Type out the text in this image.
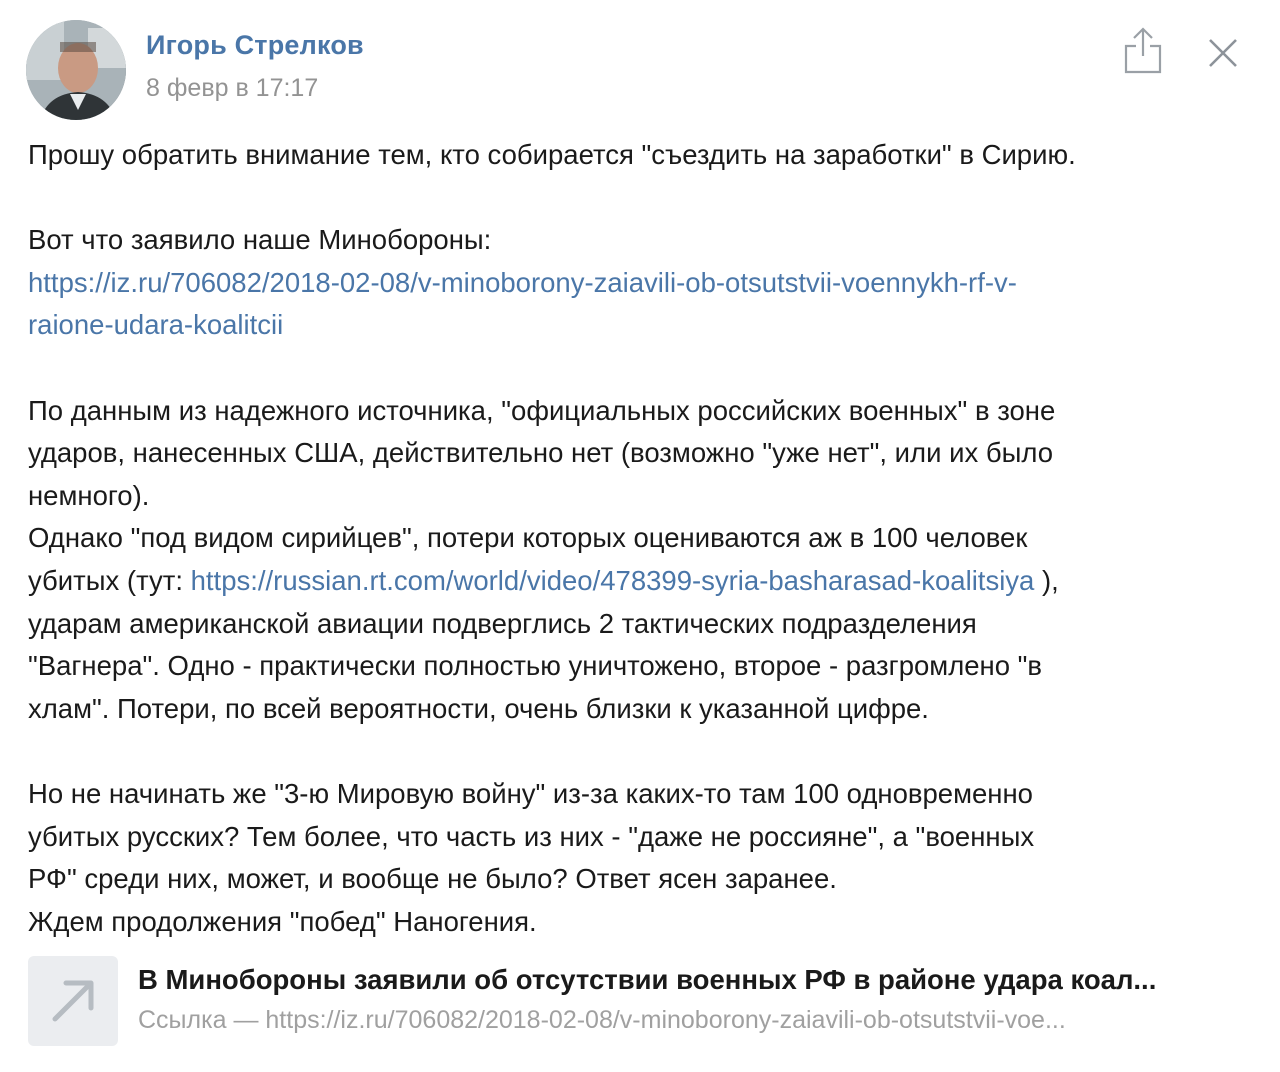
Игорь Стрелков
8 февр в 17:17

Прошу обратить внимание тем, кто собирается "съездить на заработки" в Сирию.

Вот что заявило наше Минобороны:

https://iz.ru/706082/2018-02-08/v-minoborony-zaiavili-ob-otsutstvii-voennykh-rf-v-

raione-udara-koalitcii

По данным из надежного источника, "официальных российских военных" в зоне

ударов, нанесенных США, действительно нет (возможно "уже нет", или их было

немного).

Однако "под видом сирийцев", потери которых оцениваются аж в 100 человек

убитых (тут: https://russian.rt.com/world/video/478399-syria-basharasad-koalitsiya ),

ударам американской авиации подверглись 2 тактических подразделения

"Вагнера". Одно - практически полностью уничтожено, второе - разгромлено "в

хлам". Потери, по всей вероятности, очень близки к указанной цифре.

Но не начинать же "3-ю Мировую войну" из-за каких-то там 100 одновременно

убитых русских? Тем более, что часть из них - "даже не россияне", а "военных

РФ" среди них, может, и вообще не было? Ответ ясен заранее.

Ждем продолжения "побед" Наногения.

В Минобороны заявили об отсутствии военных РФ в районе удара коал...
Ссылка — https://iz.ru/706082/2018-02-08/v-minoborony-zaiavili-ob-otsutstvii-voe...
